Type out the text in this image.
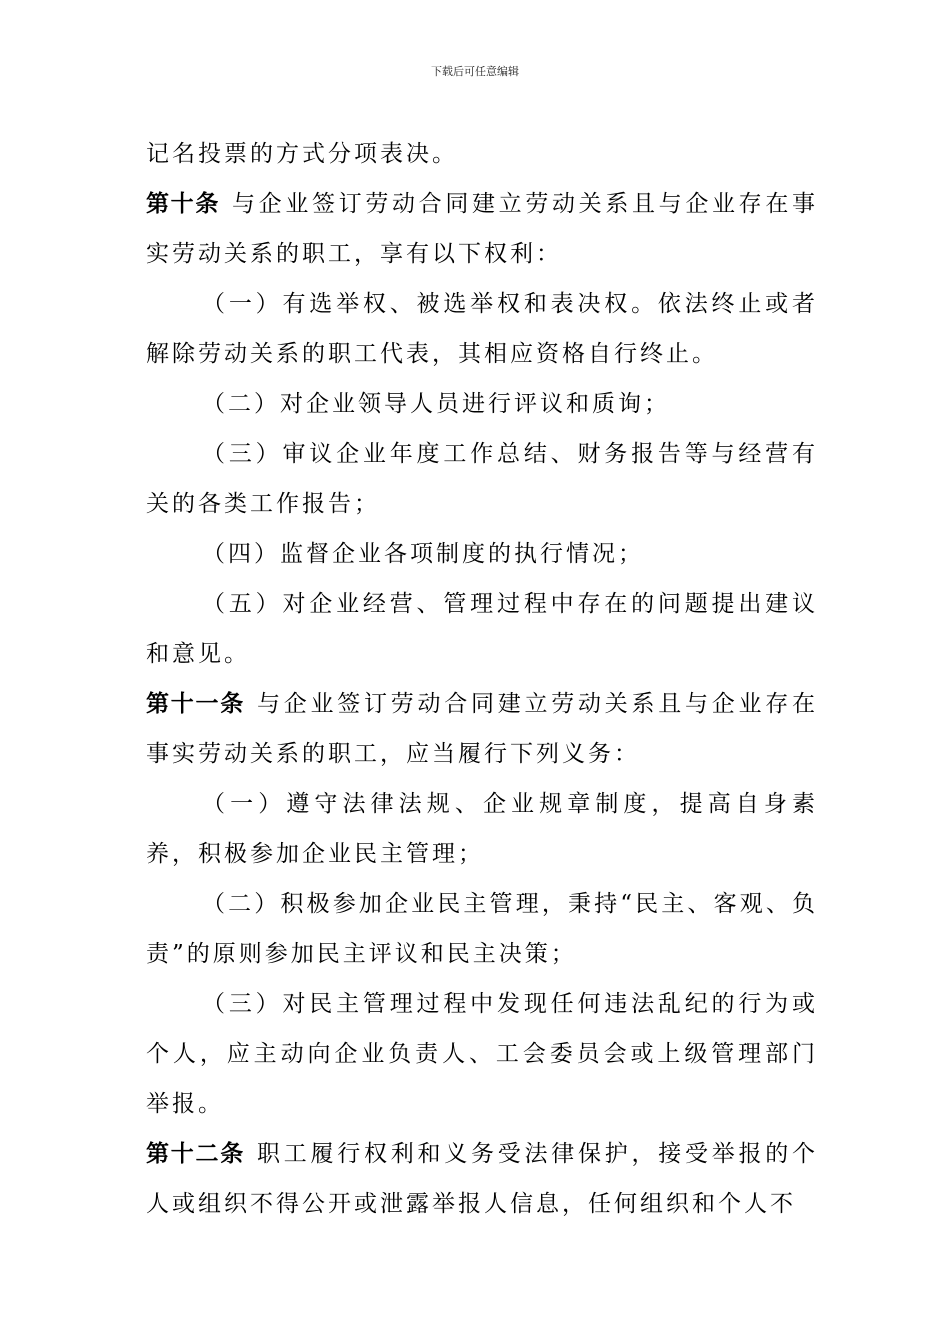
下载后可任意编辑

记名投票的方式分项表决。

第十条 与企业签订劳动合同建立劳动关系且与企业存在事实劳动关系的职工，享有以下权利：

（一）有选举权、被选举权和表决权。依法终止或者解除劳动关系的职工代表，其相应资格自行终止。

（二）对企业领导人员进行评议和质询；

（三）审议企业年度工作总结、财务报告等与经营有关的各类工作报告；

（四）监督企业各项制度的执行情况；

（五）对企业经营、管理过程中存在的问题提出建议和意见。

第十一条 与企业签订劳动合同建立劳动关系且与企业存在事实劳动关系的职工，应当履行下列义务：

（一）遵守法律法规、企业规章制度，提高自身素养，积极参加企业民主管理；

（二）积极参加企业民主管理，秉持“民主、客观、负责”的原则参加民主评议和民主决策；

（三）对民主管理过程中发现任何违法乱纪的行为或个人，应主动向企业负责人、工会委员会或上级管理部门举报。

第十二条 职工履行权利和义务受法律保护，接受举报的个人或组织不得公开或泄露举报人信息，任何组织和个人不
